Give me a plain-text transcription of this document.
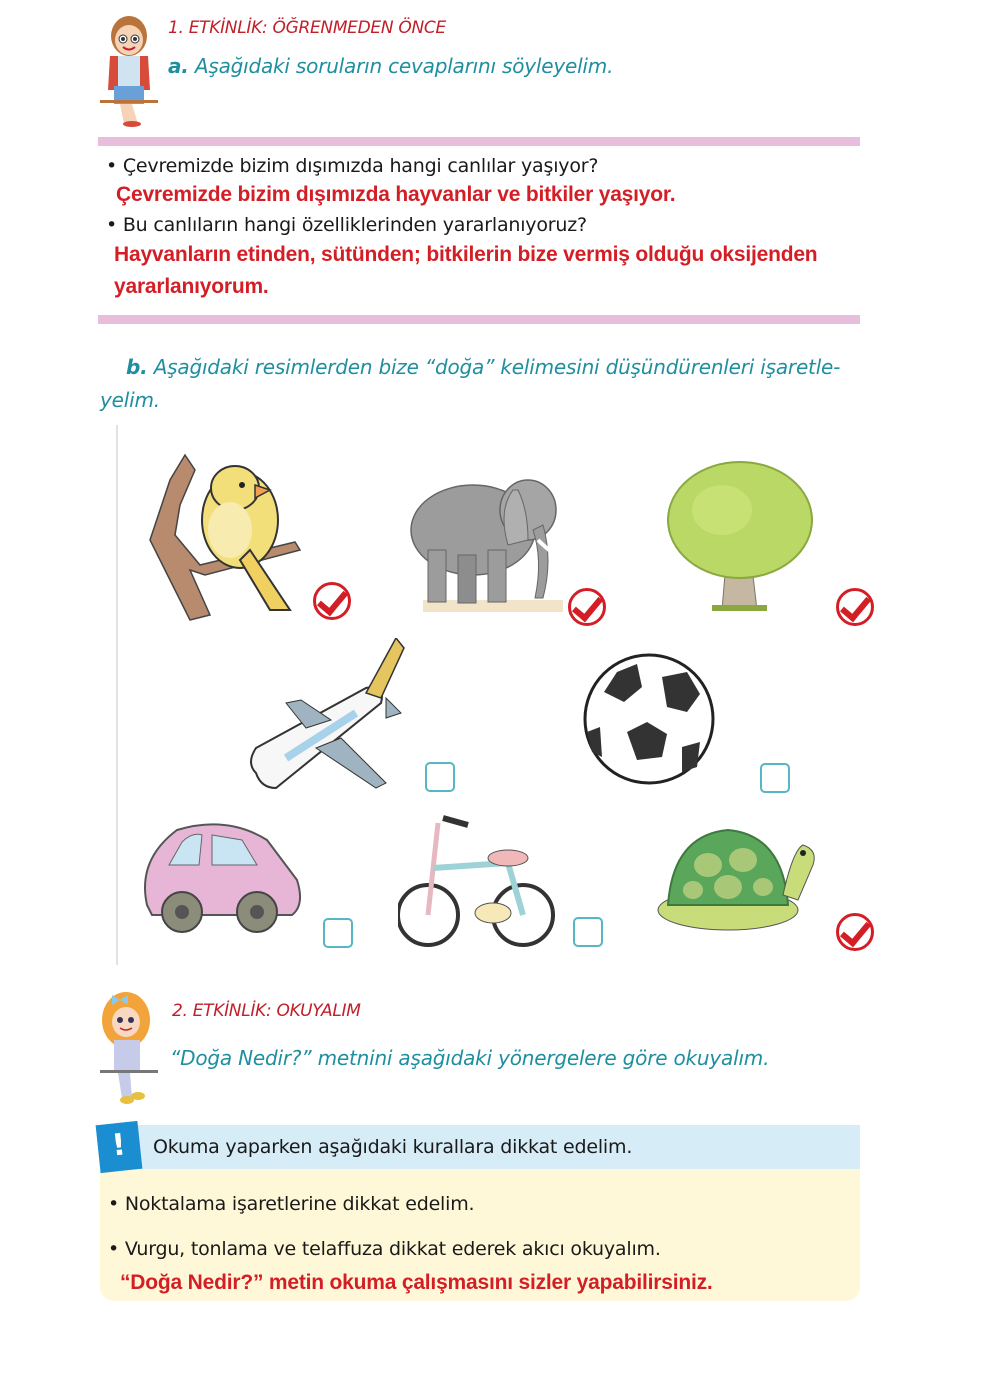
1. ETKİNLİK: ÖĞRENMEDEN ÖNCE
a. Aşağıdaki soruların cevaplarını söyleyelim.
• Çevremizde bizim dışımızda hangi canlılar yaşıyor?
Çevremizde bizim dışımızda hayvanlar ve bitkiler yaşıyor.
• Bu canlıların hangi özelliklerinden yararlanıyoruz?
Hayvanların etinden, sütünden; bitkilerin bize vermiş olduğu oksijenden
yararlanıyorum.
b. Aşağıdaki resimlerden bize “doğa” kelimesini düşündürenleri işaretle-
yelim.
2. ETKİNLİK: OKUYALIM
“Doğa Nedir?” metnini aşağıdaki yönergelere göre okuyalım.
!	Okuma yaparken aşağıdaki kurallara dikkat edelim.
• Noktalama işaretlerine dikkat edelim.
• Vurgu, tonlama ve telaffuza dikkat ederek akıcı okuyalım.
“Doğa Nedir?” metin okuma çalışmasını sizler yapabilirsiniz.
